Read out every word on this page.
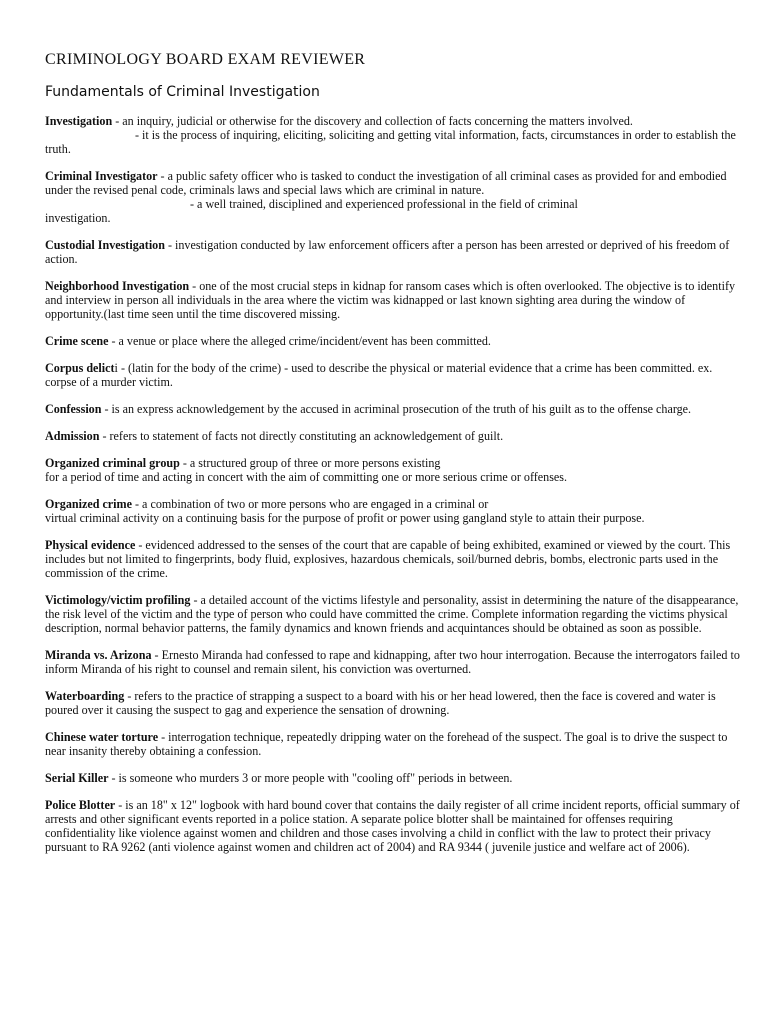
CRIMINOLOGY BOARD EXAM REVIEWER
Fundamentals of Criminal Investigation

Investigation - an inquiry, judicial or otherwise for the discovery and collection of facts concerning the matters involved.

- it is the process of inquiring, eliciting, soliciting and getting vital information, facts, circumstances in order to establish the truth.

Criminal Investigator - a public safety officer who is tasked to conduct the investigation of all criminal cases as provided for and embodied under the revised penal code, criminals laws and special laws which are criminal in nature.

- a well trained, disciplined and experienced professional in the field of criminal investigation.

Custodial Investigation - investigation conducted by law enforcement officers after a person has been arrested or deprived of his freedom of action.

Neighborhood Investigation - one of the most crucial steps in kidnap for ransom cases which is often overlooked. The objective is to identify and interview in person all individuals in the area where the victim was kidnapped or last known sighting area during the window of opportunity.(last time seen until the time discovered missing.

Crime scene - a venue or place where the alleged crime/incident/event has been committed.

Corpus delicti - (latin for the body of the crime) - used to describe the physical or material evidence that a crime has been committed. ex. corpse of a murder victim.

Confession - is an express acknowledgement by the accused in acriminal prosecution of the truth of his guilt as to the offense charge.

Admission - refers to statement of facts not directly constituting an acknowledgement of guilt.

Organized criminal group - a structured group of three or more persons existing

for a period of time and acting in concert with the aim of committing one or more serious crime or offenses.

Organized crime - a combination of two or more persons who are engaged in a criminal or

virtual criminal activity on a continuing basis for the purpose of profit or power using gangland style to attain their purpose.

Physical evidence - evidenced addressed to the senses of the court that are capable of being exhibited, examined or viewed by the court. This includes but not limited to fingerprints, body fluid, explosives, hazardous chemicals, soil/burned debris, bombs, electronic parts used in the commission of the crime.

Victimology/victim profiling - a detailed account of the victims lifestyle and personality, assist in determining the nature of the disappearance, the risk level of the victim and the type of person who could have committed the crime. Complete information regarding the victims physical description, normal behavior patterns, the family dynamics and known friends and acquintances should be obtained as soon as possible.

Miranda vs. Arizona - Ernesto Miranda had confessed to rape and kidnapping, after two hour interrogation. Because the interrogators failed to inform Miranda of his right to counsel and remain silent, his conviction was overturned.

Waterboarding - refers to the practice of strapping a suspect to a board with his or her head lowered, then the face is covered and water is poured over it causing the suspect to gag and experience the sensation of drowning.

Chinese water torture - interrogation technique, repeatedly dripping water on the forehead of the suspect. The goal is to drive the suspect to near insanity thereby obtaining a confession.

Serial Killer - is someone who murders 3 or more people with "cooling off" periods in between.

Police Blotter - is an 18" x 12" logbook with hard bound cover that contains the daily register of all crime incident reports, official summary of arrests and other significant events reported in a police station. A separate police blotter shall be maintained for offenses requiring confidentiality like violence against women and children and those cases involving a child in conflict with the law to protect their privacy pursuant to RA 9262 (anti violence against women and children act of 2004) and RA 9344 ( juvenile justice and welfare act of 2006).
